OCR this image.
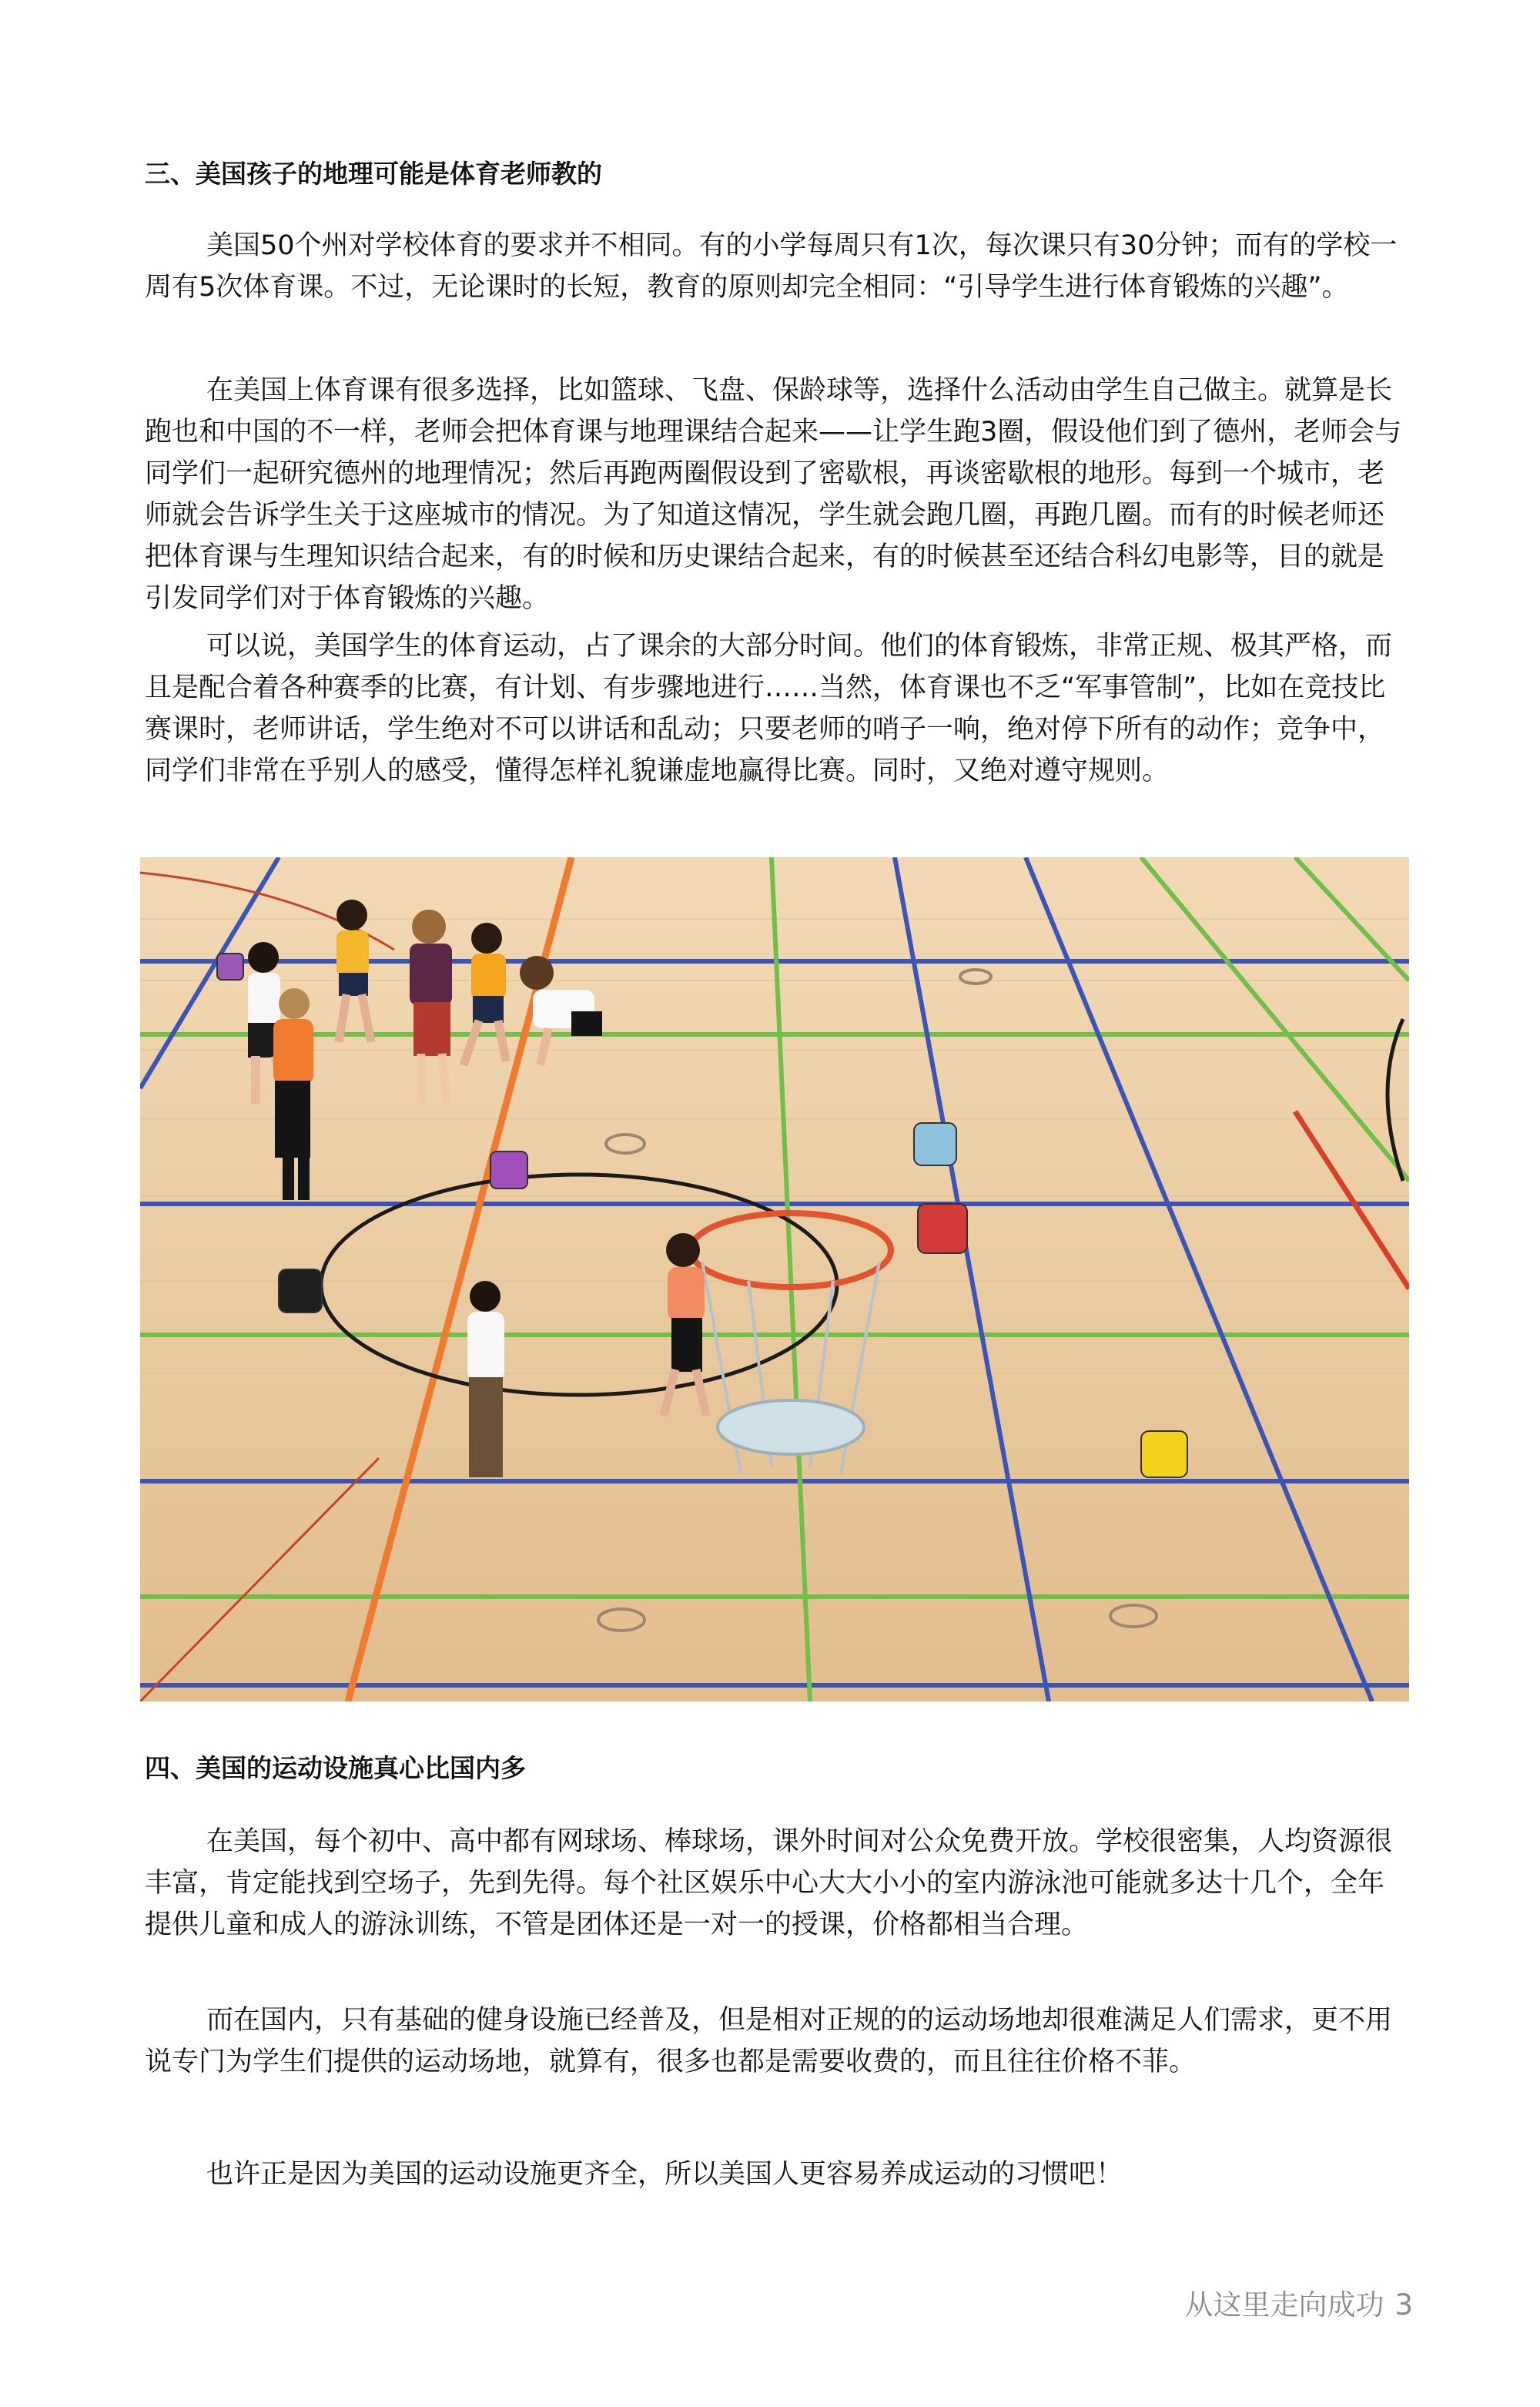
三、美国孩子的地理可能是体育老师教的

美国50个州对学校体育的要求并不相同。有的小学每周只有1次，每次课只有30分钟；而有的学校一周有5次体育课。不过，无论课时的长短，教育的原则却完全相同：“引导学生进行体育锻炼的兴趣”。

在美国上体育课有很多选择，比如篮球、飞盘、保龄球等，选择什么活动由学生自己做主。就算是长跑也和中国的不一样，老师会把体育课与地理课结合起来——让学生跑3圈，假设他们到了德州，老师会与同学们一起研究德州的地理情况；然后再跑两圈假设到了密歇根，再谈密歇根的地形。每到一个城市，老师就会告诉学生关于这座城市的情况。为了知道这情况，学生就会跑几圈，再跑几圈。而有的时候老师还把体育课与生理知识结合起来，有的时候和历史课结合起来，有的时候甚至还结合科幻电影等，目的就是引发同学们对于体育锻炼的兴趣。

可以说，美国学生的体育运动，占了课余的大部分时间。他们的体育锻炼，非常正规、极其严格，而且是配合着各种赛季的比赛，有计划、有步骤地进行……当然，体育课也不乏“军事管制”，比如在竞技比赛课时，老师讲话，学生绝对不可以讲话和乱动；只要老师的哨子一响，绝对停下所有的动作；竞争中，同学们非常在乎别人的感受，懂得怎样礼貌谦虚地赢得比赛。同时，又绝对遵守规则。

从这里走向成功 3
四、美国的运动设施真心比国内多

在美国，每个初中、高中都有网球场、棒球场，课外时间对公众免费开放。学校很密集，人均资源很丰富，肯定能找到空场子，先到先得。每个社区娱乐中心大大小小的室内游泳池可能就多达十几个，全年提供儿童和成人的游泳训练，不管是团体还是一对一的授课，价格都相当合理。

而在国内，只有基础的健身设施已经普及，但是相对正规的的运动场地却很难满足人们需求，更不用说专门为学生们提供的运动场地，就算有，很多也都是需要收费的，而且往往价格不菲。

也许正是因为美国的运动设施更齐全，所以美国人更容易养成运动的习惯吧！
